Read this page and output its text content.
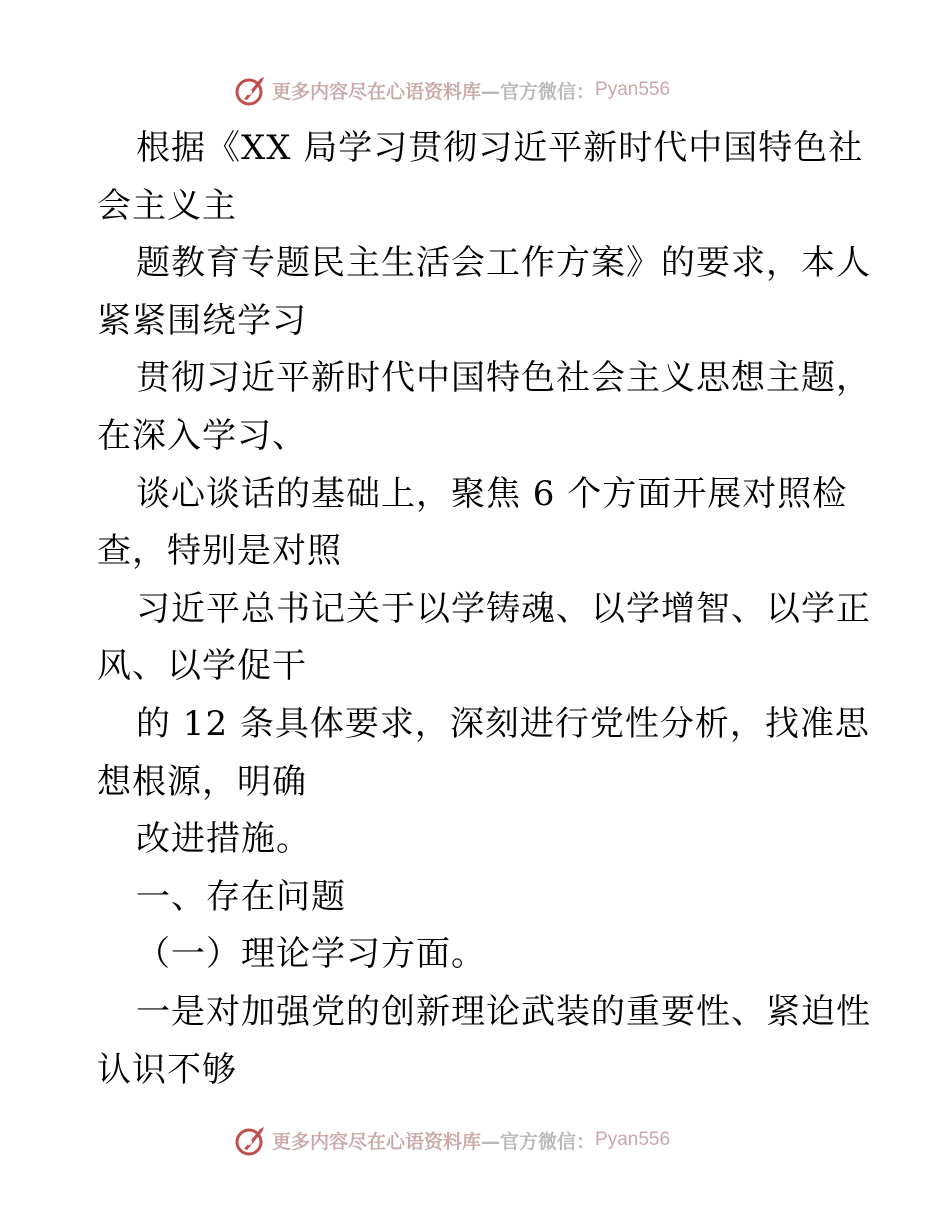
更多内容尽在心语资料库 —官方微信： Pyan556
根据《XX 局学习贯彻习近平新时代中国特色社
会主义主
题教育专题民主生活会工作方案》的要求，本人
紧紧围绕学习
贯彻习近平新时代中国特色社会主义思想主题，
在深入学习、
谈心谈话的基础上，聚焦 6 个方面开展对照检
查，特别是对照
习近平总书记关于以学铸魂、以学增智、以学正
风、以学促干
的 12 条具体要求，深刻进行党性分析，找准思
想根源，明确
改进措施。
一、存在问题
（一）理论学习方面。
一是对加强党的创新理论武装的重要性、紧迫性
认识不够
更多内容尽在心语资料库 —官方微信： Pyan556
